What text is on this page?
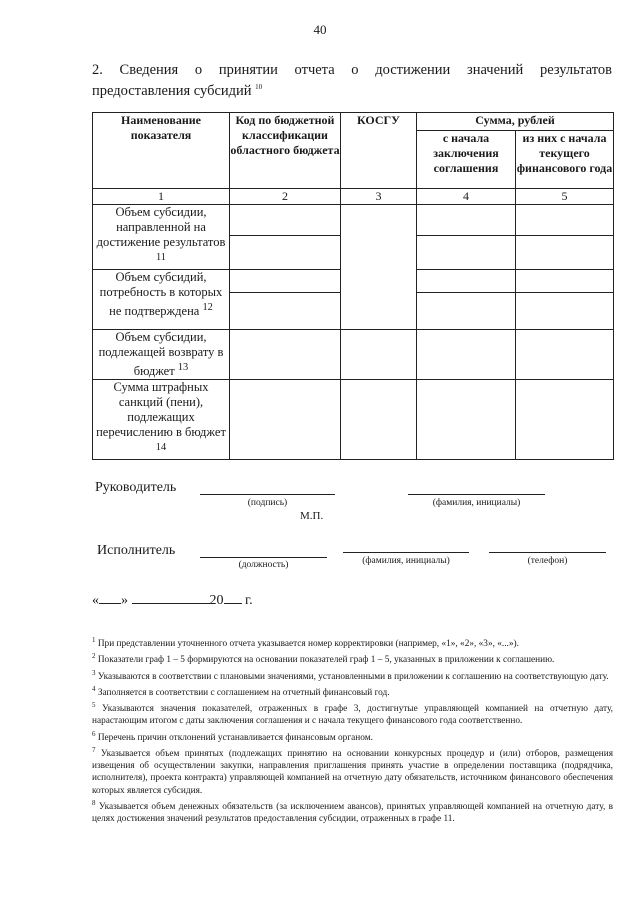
40
2. Сведения о принятии отчета о достижении значений результатов
предоставления субсидий $^{10}$
Наименование показателя	Код по бюджетной классификации областного бюджета	КОСГУ	Сумма, рублей	
			с начала заключения соглашения	из них с начала текущего финансового года
1	2	3	4	5
Объем субсидии, направленной на достижение результатов $^{11}$				

Объем субсидий, потребность в которых не подтверждена $^{12}$			

Объем субсидии, подлежащей возврату в бюджет $^{13}$				
Сумма штрафных санкций (пени), подлежащих перечислению в бюджет $^{14}$				
Руководитель
(подпись)	(фамилия, инициалы)
М.П.
Исполнитель
(должность)	(фамилия, инициалы)	(телефон)
« »	20 г.

$^1$ При представлении уточненного отчета указывается номер корректировки (например, «1», «2», «3», «...»).

$^2$ Показатели граф 1 – 5 формируются на основании показателей граф 1 – 5, указанных в приложении к соглашению.

$^3$ Указываются в соответствии с плановыми значениями, установленными в приложении к соглашению на соответствующую дату.

$^4$ Заполняется в соответствии с соглашением на отчетный финансовый год.

$^5$ Указываются значения показателей, отраженных в графе 3, достигнутые управляющей компанией на отчетную дату, нарастающим итогом с даты заключения соглашения и с начала текущего финансового года соответственно.

$^6$ Перечень причин отклонений устанавливается финансовым органом.

$^7$ Указывается объем принятых (подлежащих принятию на основании конкурсных процедур и (или) отборов, размещения извещения об осуществлении закупки, направления приглашения принять участие в определении поставщика (подрядчика, исполнителя), проекта контракта) управляющей компанией на отчетную дату обязательств, источником финансового обеспечения которых является субсидия.

$^8$ Указывается объем денежных обязательств (за исключением авансов), принятых управляющей компанией на отчетную дату, в целях достижения значений результатов предоставления субсидии, отраженных в графе 11.
